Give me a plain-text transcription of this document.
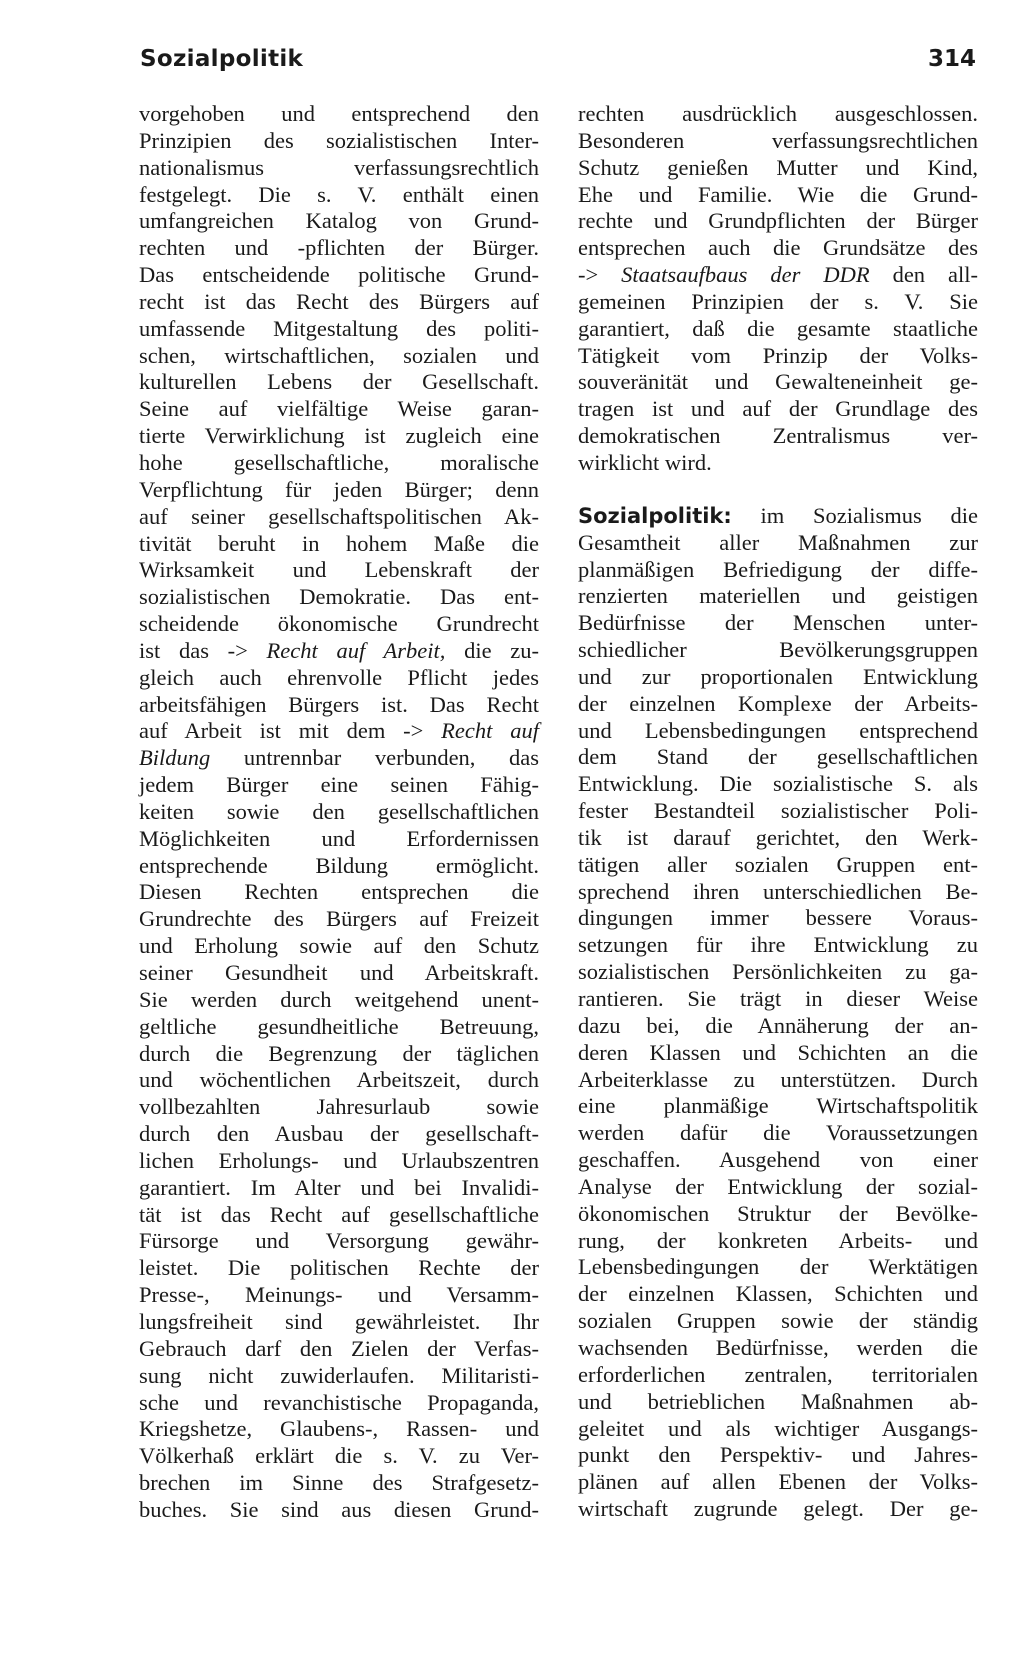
Sozialpolitik	314
vorgehoben und entsprechend den
Prinzipien des sozialistischen Inter-
nationalismus verfassungsrechtlich
festgelegt. Die s. V. enthält einen
umfangreichen Katalog von Grund-
rechten und -pflichten der Bürger.
Das entscheidende politische Grund-
recht ist das Recht des Bürgers auf
umfassende Mitgestaltung des politi-
schen, wirtschaftlichen, sozialen und
kulturellen Lebens der Gesellschaft.
Seine auf vielfältige Weise garan-
tierte Verwirklichung ist zugleich eine
hohe gesellschaftliche, moralische
Verpflichtung für jeden Bürger; denn
auf seiner gesellschaftspolitischen Ak-
tivität beruht in hohem Maße die
Wirksamkeit und Lebenskraft der
sozialistischen Demokratie. Das ent-
scheidende ökonomische Grundrecht
ist das -> Recht auf Arbeit, die zu-
gleich auch ehrenvolle Pflicht jedes
arbeitsfähigen Bürgers ist. Das Recht
auf Arbeit ist mit dem -> Recht auf
Bildung untrennbar verbunden, das
jedem Bürger eine seinen Fähig-
keiten sowie den gesellschaftlichen
Möglichkeiten und Erfordernissen
entsprechende Bildung ermöglicht.
Diesen Rechten entsprechen die
Grundrechte des Bürgers auf Freizeit
und Erholung sowie auf den Schutz
seiner Gesundheit und Arbeitskraft.
Sie werden durch weitgehend unent-
geltliche gesundheitliche Betreuung,
durch die Begrenzung der täglichen
und wöchentlichen Arbeitszeit, durch
vollbezahlten Jahresurlaub sowie
durch den Ausbau der gesellschaft-
lichen Erholungs- und Urlaubszentren
garantiert. Im Alter und bei Invalidi-
tät ist das Recht auf gesellschaftliche
Fürsorge und Versorgung gewähr-
leistet. Die politischen Rechte der
Presse-, Meinungs- und Versamm-
lungsfreiheit sind gewährleistet. Ihr
Gebrauch darf den Zielen der Verfas-
sung nicht zuwiderlaufen. Militaristi-
sche und revanchistische Propaganda,
Kriegshetze, Glaubens-, Rassen- und
Völkerhaß erklärt die s. V. zu Ver-
brechen im Sinne des Strafgesetz-
buches. Sie sind aus diesen Grund-
rechten ausdrücklich ausgeschlossen.
Besonderen verfassungsrechtlichen
Schutz genießen Mutter und Kind,
Ehe und Familie. Wie die Grund-
rechte und Grundpflichten der Bürger
entsprechen auch die Grundsätze des
-> Staatsaufbaus der DDR den all-
gemeinen Prinzipien der s. V. Sie
garantiert, daß die gesamte staatliche
Tätigkeit vom Prinzip der Volks-
souveränität und Gewalteneinheit ge-
tragen ist und auf der Grundlage des
demokratischen Zentralismus ver-
wirklicht wird.
Sozialpolitik: im Sozialismus die
Gesamtheit aller Maßnahmen zur
planmäßigen Befriedigung der diffe-
renzierten materiellen und geistigen
Bedürfnisse der Menschen unter-
schiedlicher Bevölkerungsgruppen
und zur proportionalen Entwicklung
der einzelnen Komplexe der Arbeits-
und Lebensbedingungen entsprechend
dem Stand der gesellschaftlichen
Entwicklung. Die sozialistische S. als
fester Bestandteil sozialistischer Poli-
tik ist darauf gerichtet, den Werk-
tätigen aller sozialen Gruppen ent-
sprechend ihren unterschiedlichen Be-
dingungen immer bessere Voraus-
setzungen für ihre Entwicklung zu
sozialistischen Persönlichkeiten zu ga-
rantieren. Sie trägt in dieser Weise
dazu bei, die Annäherung der an-
deren Klassen und Schichten an die
Arbeiterklasse zu unterstützen. Durch
eine planmäßige Wirtschaftspolitik
werden dafür die Voraussetzungen
geschaffen. Ausgehend von einer
Analyse der Entwicklung der sozial-
ökonomischen Struktur der Bevölke-
rung, der konkreten Arbeits- und
Lebensbedingungen der Werktätigen
der einzelnen Klassen, Schichten und
sozialen Gruppen sowie der ständig
wachsenden Bedürfnisse, werden die
erforderlichen zentralen, territorialen
und betrieblichen Maßnahmen ab-
geleitet und als wichtiger Ausgangs-
punkt den Perspektiv- und Jahres-
plänen auf allen Ebenen der Volks-
wirtschaft zugrunde gelegt. Der ge-
